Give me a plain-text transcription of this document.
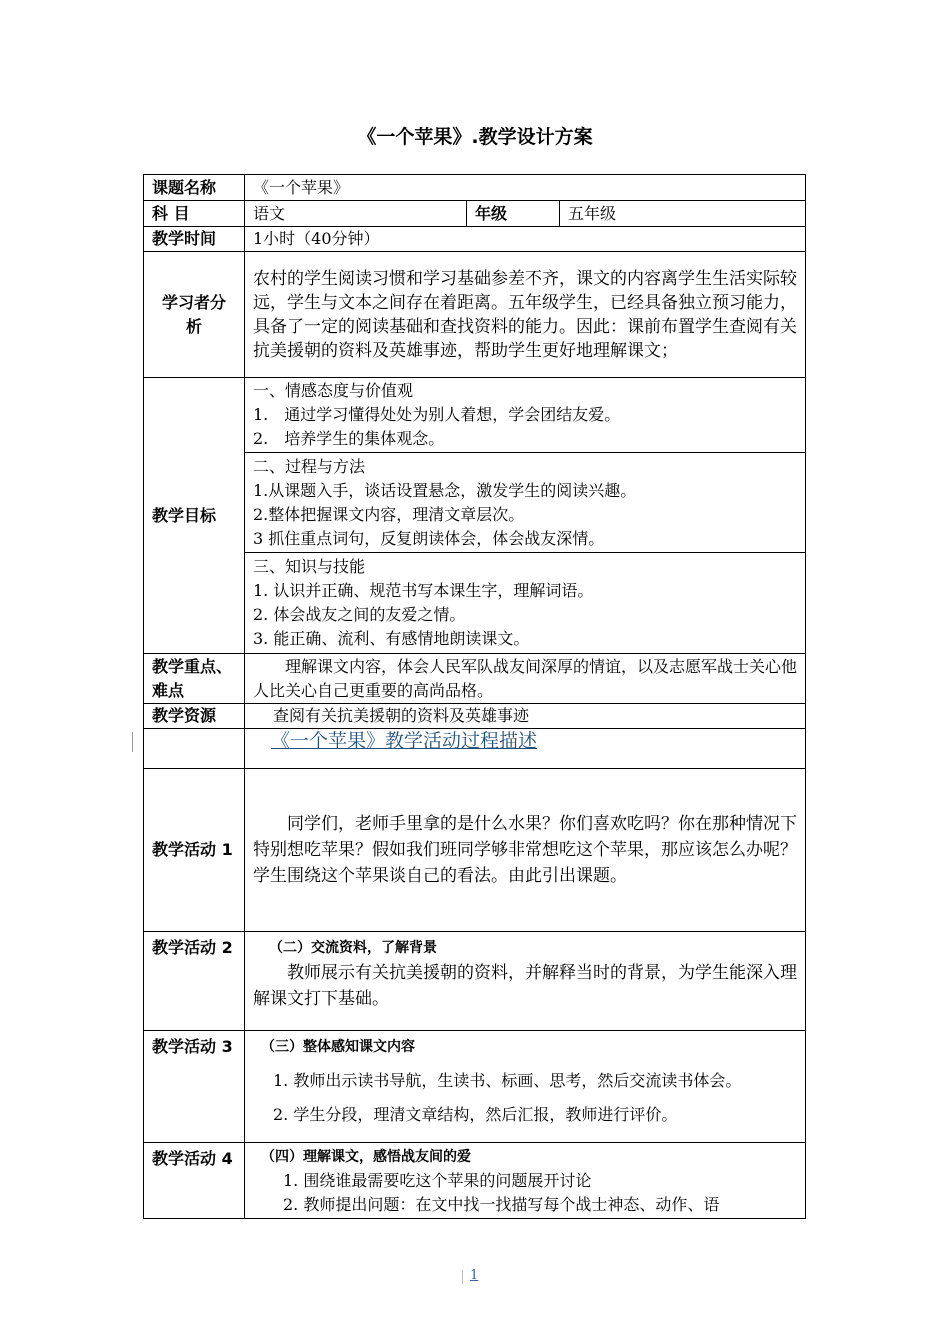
《一个苹果》.教学设计方案
课题名称	《一个苹果》		
科 目	语文	年级	五年级
教学时间	1小时（40分钟）		
学习者分析	农村的学生阅读习惯和学习基础参差不齐，课文的内容离学生生活实际较远，学生与文本之间存在着距离。五年级学生，已经具备独立预习能力，具备了一定的阅读基础和查找资料的能力。因此：课前布置学生查阅有关抗美援朝的资料及英雄事迹，帮助学生更好地理解课文；		
教学目标	一、情感态度与价值观
1.　通过学习懂得处处为别人着想，学会团结友爱。
2.　培养学生的集体观念。		

	二、过程与方法
1.从课题入手，谈话设置悬念，激发学生的阅读兴趣。
2.整体把握课文内容，理清文章层次。
3 抓住重点词句，反复朗读体会，体会战友深情。		

	三、知识与技能
1. 认识并正确、规范书写本课生字，理解词语。
2. 体会战友之间的友爱之情。
3. 能正确、流利、有感情地朗读课文。		

教学重点、难点	理解课文内容，体会人民军队战友间深厚的情谊，以及志愿军战士关心他人比关心自己更重要的高尚品格。		
教学资源	查阅有关抗美援朝的资料及英雄事迹		
	《一个苹果》教学活动过程描述		
教学活动 1	同学们，老师手里拿的是什么水果？你们喜欢吃吗？你在那种情况下特别想吃苹果？假如我们班同学够非常想吃这个苹果，那应该怎么办呢？学生围绕这个苹果谈自己的看法。由此引出课题。		
教学活动 2	（二）交流资料，了解背景
教师展示有关抗美援朝的资料，并解释当时的背景，为学生能深入理解课文打下基础。		

教学活动 3	（三）整体感知课文内容
1. 教师出示读书导航，生读书、标画、思考，然后交流读书体会。
2. 学生分段，理清文章结构，然后汇报，教师进行评价。		

教学活动 4	（四）理解课文，感悟战友间的爱
1. 围绕谁最需要吃这个苹果的问题展开讨论
2. 教师提出问题：在文中找一找描写每个战士神态、动作、语		
1
